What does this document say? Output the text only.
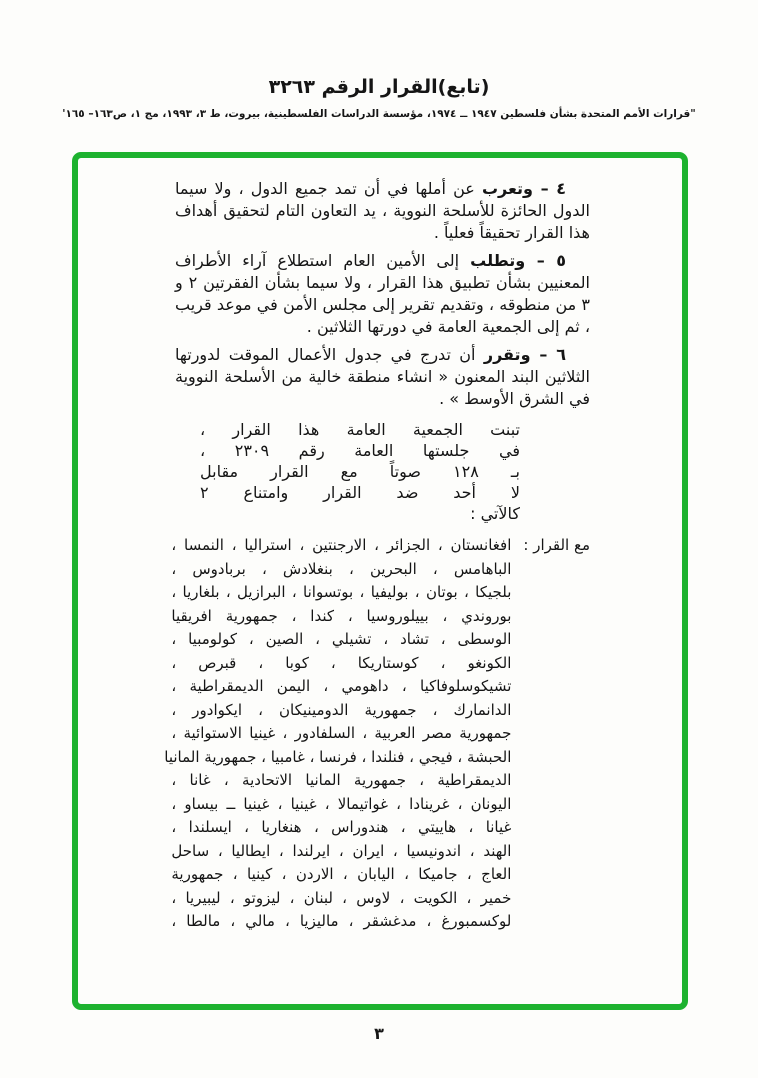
(تابع)القرار الرقم ٣٢٦٣
"قرارات الأمم المتحدة بشأن فلسطين ١٩٤٧ ــ ١٩٧٤، مؤسسة الدراسات الفلسطينية، بيروت، ط ٣، ١٩٩٣، مج ١، ص١٦٣– ١٦٥'

٤ – وتعرب عن أملها في أن تمد جميع الدول ، ولا سيما الدول الحائزة للأسلحة النووية ، يد التعاون التام لتحقيق أهداف هذا القرار تحقيقاً فعلياً .

٥ – وتطلب إلى الأمين العام استطلاع آراء الأطراف المعنيين بشأن تطبيق هذا القرار ، ولا سيما بشأن الفقرتين ٢ و ٣ من منطوقه ، وتقديم تقرير إلى مجلس الأمن في موعد قريب ، ثم إلى الجمعية العامة في دورتها الثلاثين .

٦ – وتقرر أن تدرج في جدول الأعمال الموقت لدورتها الثلاثين البند المعنون « انشاء منطقة خالية من الأسلحة النووية في الشرق الأوسط » .

تبنت الجمعية العامة هذا القرار ،
في جلستها العامة رقم ٢٣٠٩ ،
بـ ١٢٨ صوتاً مع القرار مقابل
لا أحد ضد القرار وامتناع ٢
كالآتي :
مع القرار :
افغانستان ، الجزائر ، الارجنتين ، استراليا ، النمسا ،
الباهامس ، البحرين ، بنغلادش ، بربادوس ،
بلجيكا ، بوتان ، بوليفيا ، بوتسوانا ، البرازيل ، بلغاريا ،
بوروندي ، بييلوروسيا ، كندا ، جمهورية افريقيا
الوسطى ، تشاد ، تشيلي ، الصين ، كولومبيا ،
الكونغو ، كوستاريكا ، كوبا ، قبرص ،
تشيكوسلوفاكيا ، داهومي ، اليمن الديمقراطية ،
الدانمارك ، جمهورية الدومينيكان ، ايكوادور ،
جمهورية مصر العربية ، السلفادور ، غينيا الاستوائية ،
الحبشة ، فيجي ، فنلندا ، فرنسا ، غامبيا ، جمهورية المانيا
الديمقراطية ، جمهورية المانيا الاتحادية ، غانا ،
اليونان ، غرينادا ، غواتيمالا ، غينيا ، غينيا ــ بيساو ،
غيانا ، هاييتي ، هندوراس ، هنغاريا ، ايسلندا ،
الهند ، اندونيسيا ، ايران ، ايرلندا ، ايطاليا ، ساحل
العاج ، جاميكا ، اليابان ، الاردن ، كينيا ، جمهورية
خمير ، الكويت ، لاوس ، لبنان ، ليزوتو ، ليبيريا ،
لوكسمبورغ ، مدغشقر ، ماليزيا ، مالي ، مالطا ،
٣
